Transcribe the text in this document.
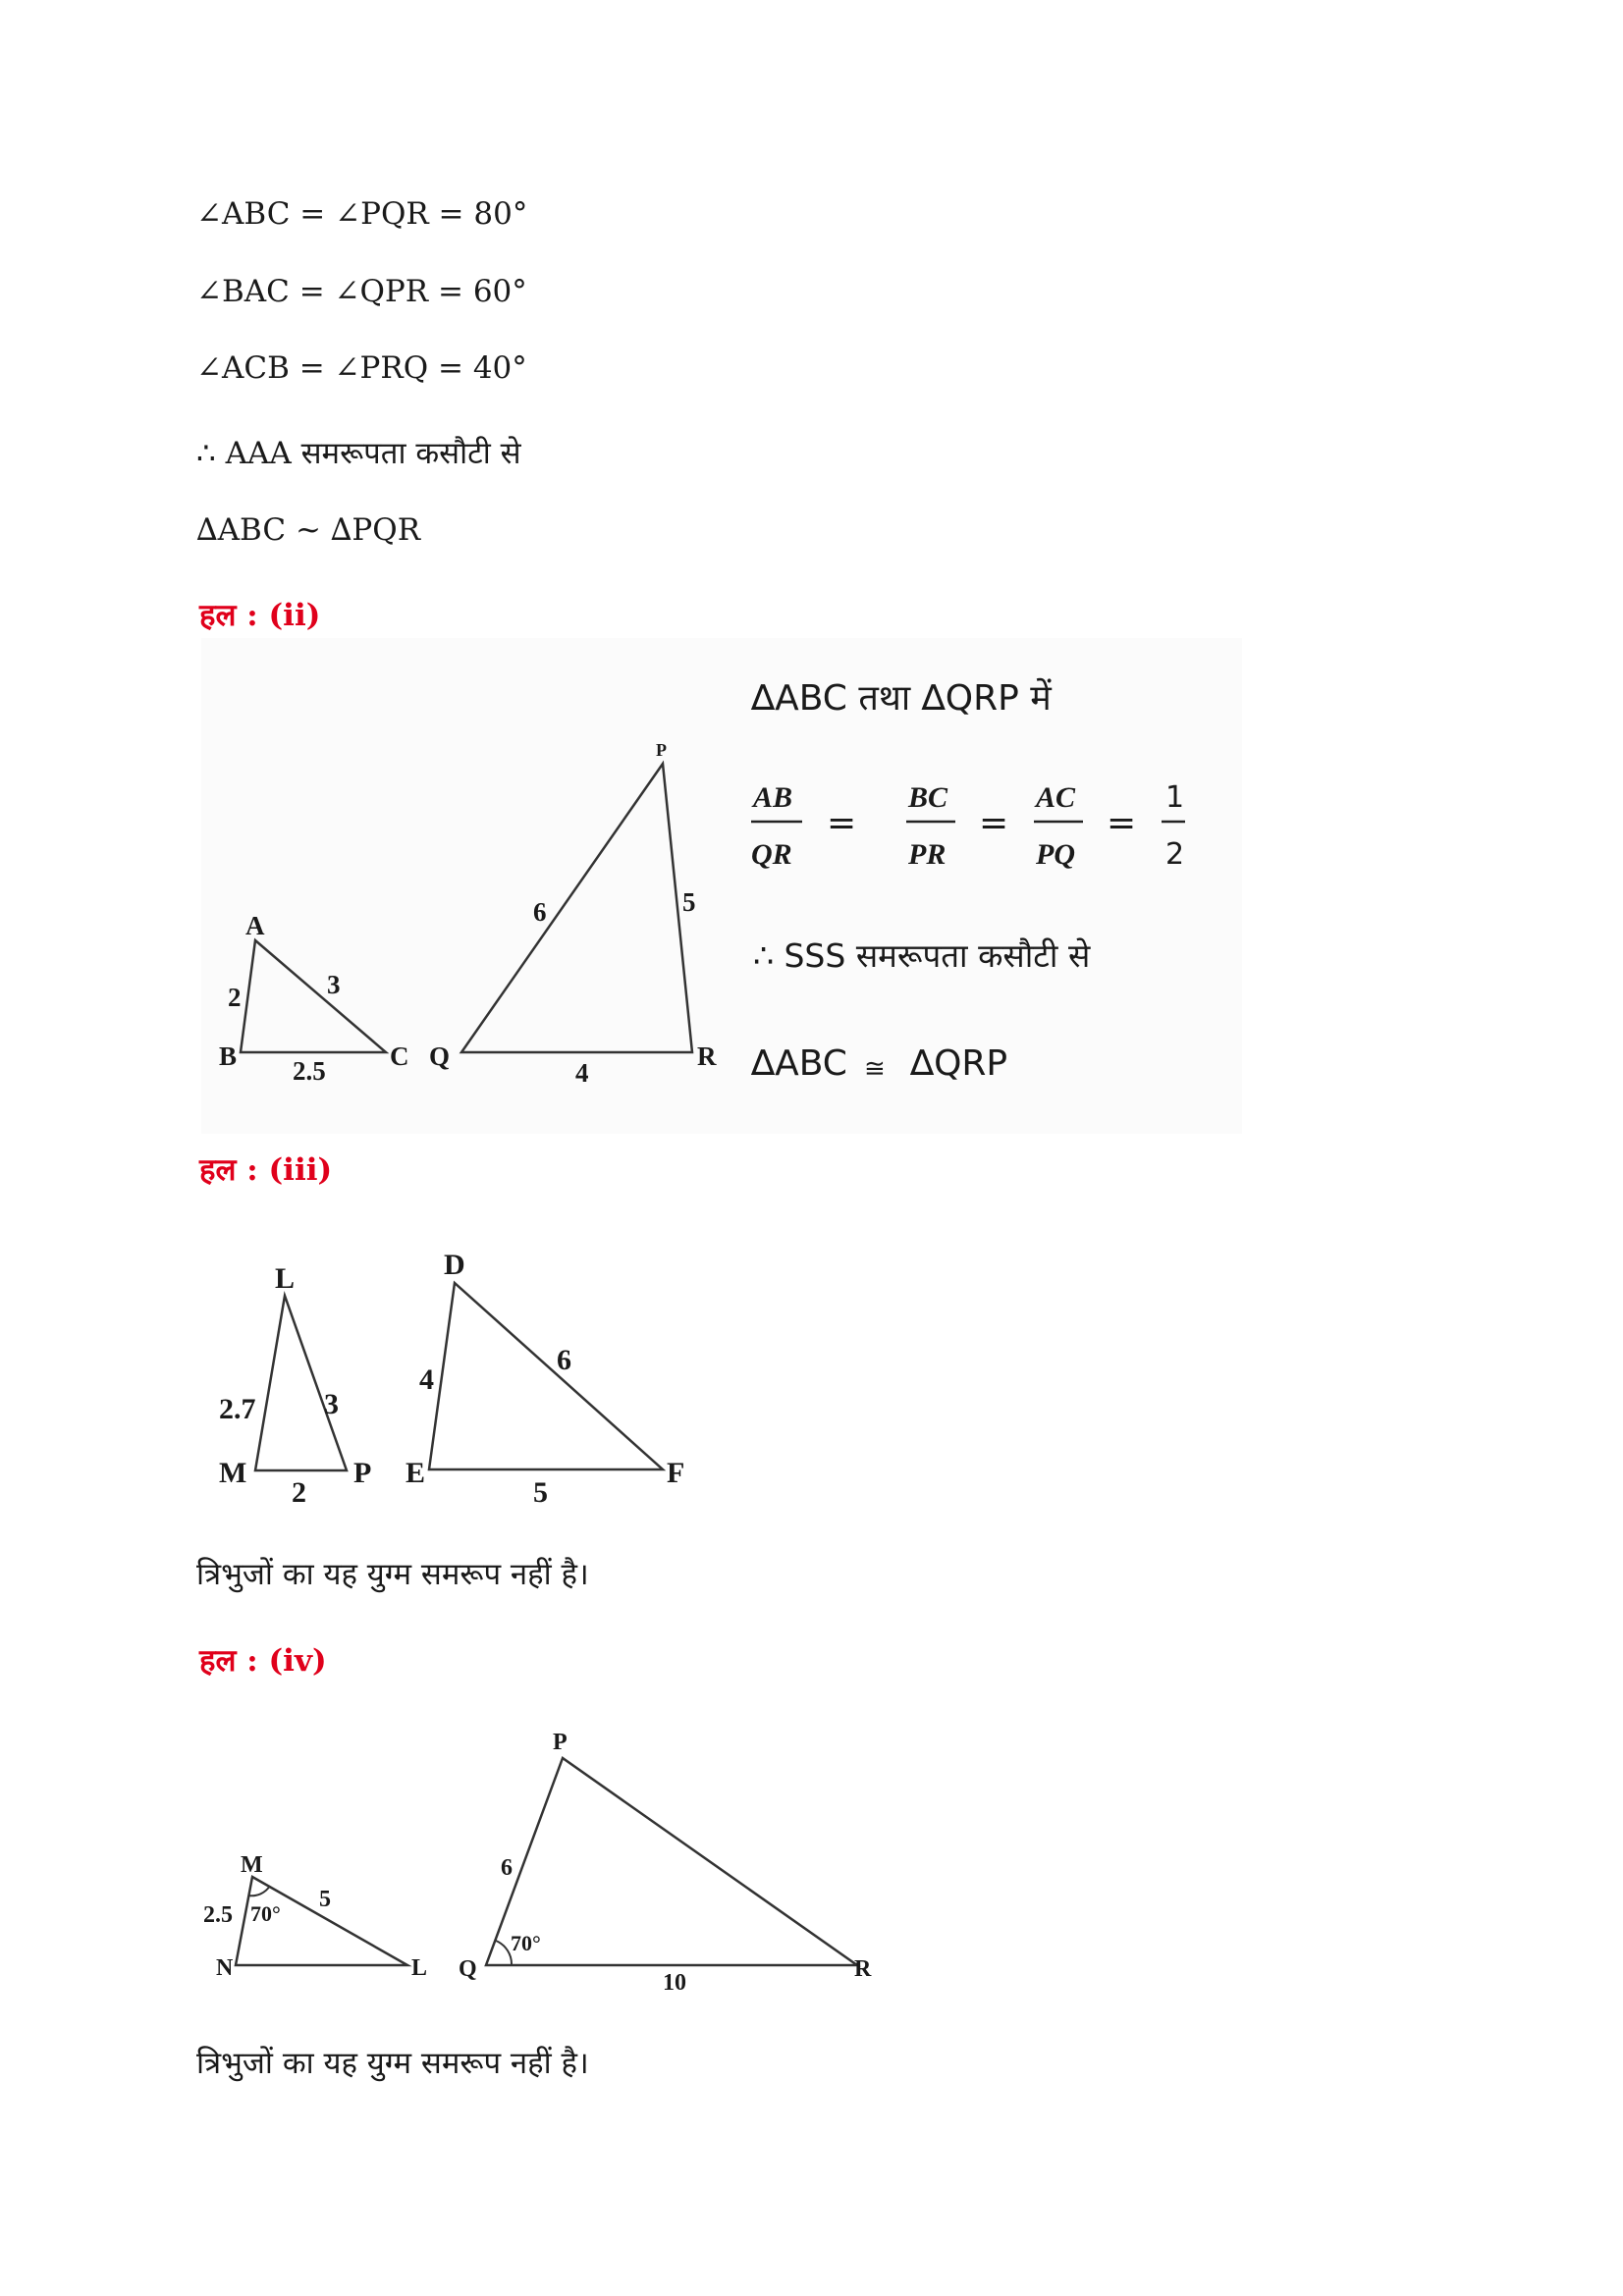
∠ABC = ∠PQR = 80°
∠BAC = ∠QPR = 60°
∠ACB = ∠PRQ = 40°
∴ AAA समरूपता कसौटी से
∆ABC ~ ∆PQR
हल : (ii)
A
B	C
2	3
2.5
P
Q	R
6	5
4
∆ABC तथा ∆QRP में
AB
QR
=
BC
PR
=
AC
PQ
=
1
2
∴ SSS समरूपता कसौटी से
∆ABC ≅ ∆QRP
हल : (iii)
L
M	P
2.7 3
2
D
E	F
4
6
5
त्रिभुजों का यह युग्म समरूप नहीं है।
हल : (iv)
M
N	L
2.5
5
70°
P
Q	R
6
10
70°
त्रिभुजों का यह युग्म समरूप नहीं है।
